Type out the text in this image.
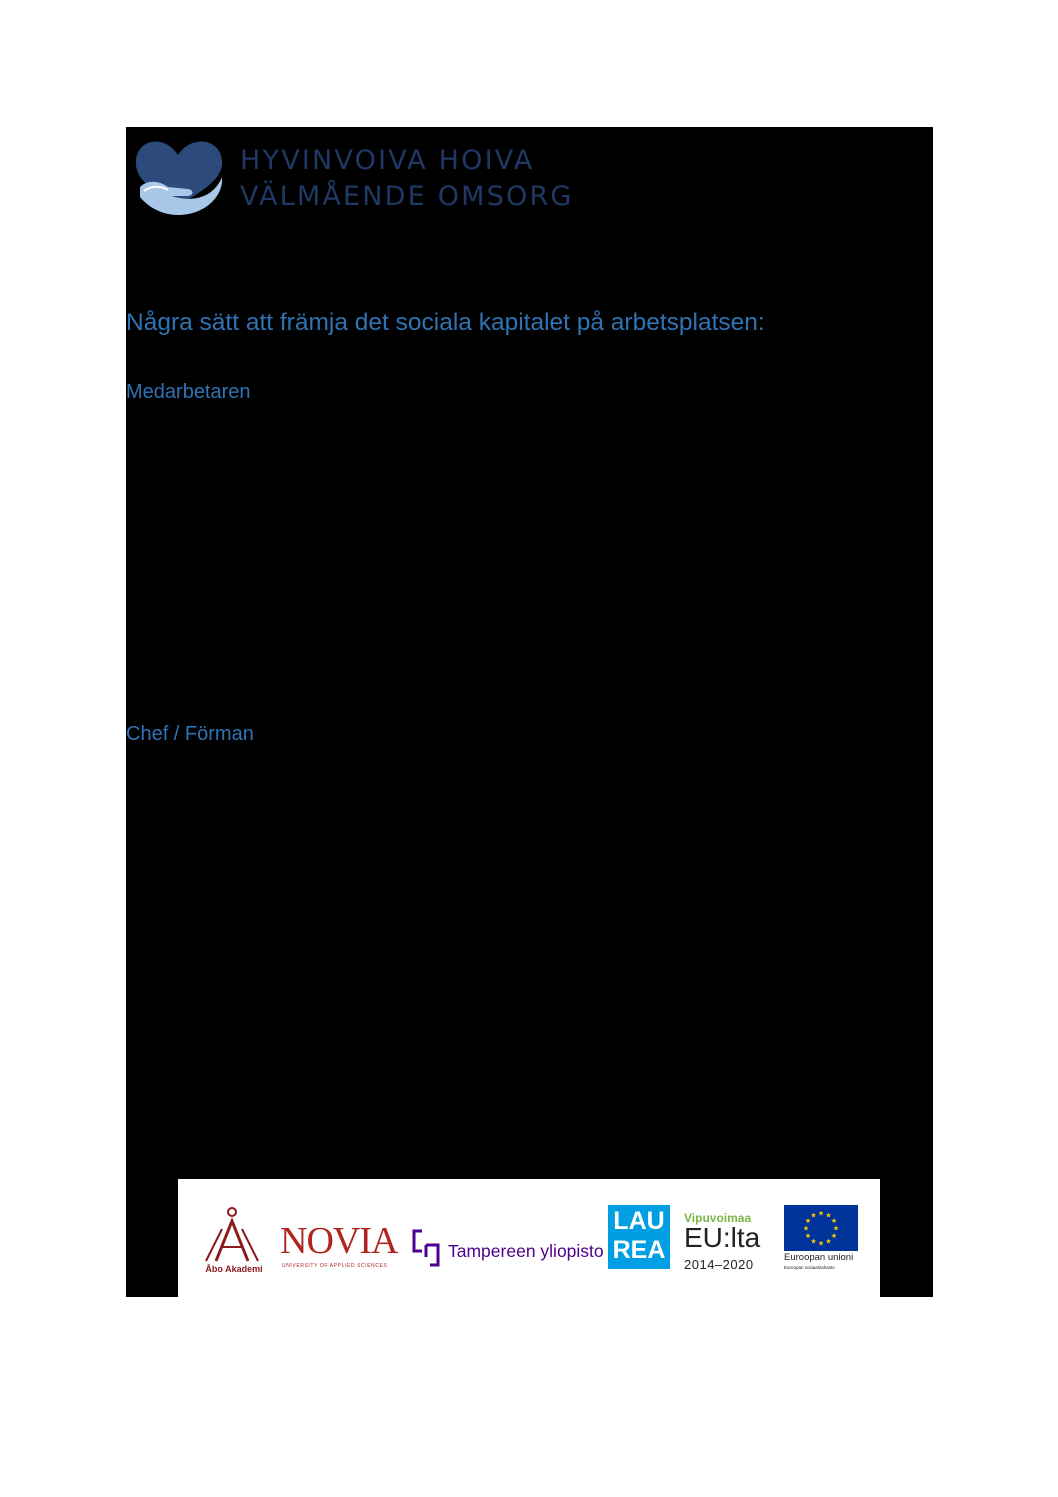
HYVINVOIVA HOIVA
VÄLMÅENDE OMSORG
Några sätt att främja det sociala kapitalet på arbetsplatsen:
Medarbetaren
Chef / Förman
Åbo Akademi
NOVIA
UNIVERSITY OF APPLIED SCIENCES
Tampereen yliopisto
LAU
REA
Vipuvoimaa
EU:lta
2014–2020
★
★
★
★
★
★
★
★
★ ★ ★
★
Euroopan unioni
Euroopan sosiaalirahasto
